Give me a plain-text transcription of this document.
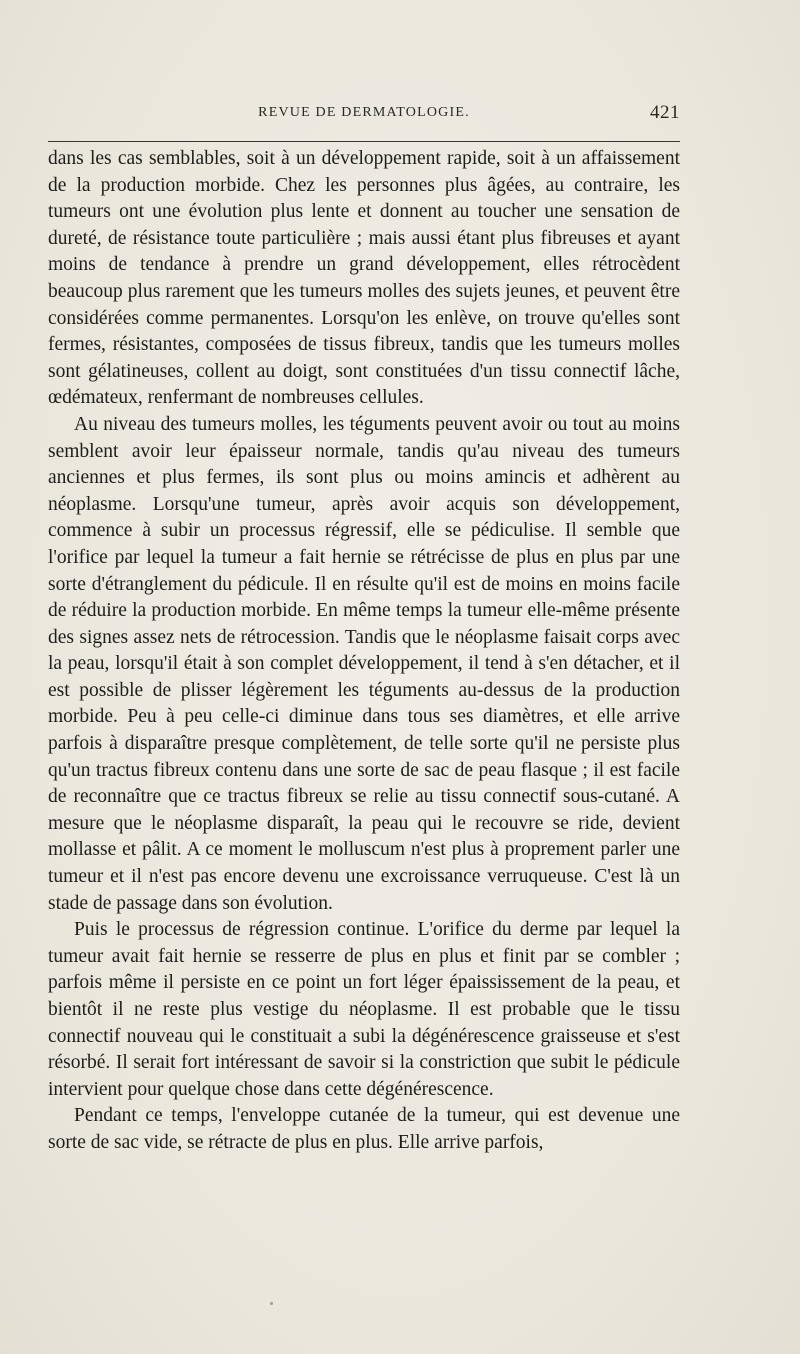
REVUE DE DERMATOLOGIE.	421

dans les cas semblables, soit à un développement rapide, soit à un affaissement de la production morbide. Chez les personnes plus âgées, au contraire, les tumeurs ont une évolution plus lente et donnent au toucher une sensation de dureté, de résistance toute particulière ; mais aussi étant plus fibreuses et ayant moins de tendance à prendre un grand développement, elles rétrocèdent beaucoup plus rarement que les tumeurs molles des sujets jeunes, et peuvent être considérées comme permanentes. Lorsqu'on les enlève, on trouve qu'elles sont fermes, résistantes, composées de tissus fibreux, tandis que les tumeurs molles sont gélatineuses, collent au doigt, sont constituées d'un tissu connectif lâche, œdémateux, renfermant de nombreuses cellules.

Au niveau des tumeurs molles, les téguments peuvent avoir ou tout au moins semblent avoir leur épaisseur normale, tandis qu'au niveau des tumeurs anciennes et plus fermes, ils sont plus ou moins amincis et adhèrent au néoplasme. Lorsqu'une tumeur, après avoir acquis son développement, commence à subir un processus régressif, elle se pédiculise. Il semble que l'orifice par lequel la tumeur a fait hernie se rétrécisse de plus en plus par une sorte d'étranglement du pédicule. Il en résulte qu'il est de moins en moins facile de réduire la production morbide. En même temps la tumeur elle-même présente des signes assez nets de rétrocession. Tandis que le néoplasme faisait corps avec la peau, lorsqu'il était à son complet développement, il tend à s'en détacher, et il est possible de plisser légèrement les téguments au-dessus de la production morbide. Peu à peu celle-ci diminue dans tous ses diamètres, et elle arrive parfois à disparaître presque complètement, de telle sorte qu'il ne persiste plus qu'un tractus fibreux contenu dans une sorte de sac de peau flasque ; il est facile de reconnaître que ce tractus fibreux se relie au tissu connectif sous-cutané. A mesure que le néoplasme disparaît, la peau qui le recouvre se ride, devient mollasse et pâlit. A ce moment le molluscum n'est plus à proprement parler une tumeur et il n'est pas encore devenu une excroissance verruqueuse. C'est là un stade de passage dans son évolution.

Puis le processus de régression continue. L'orifice du derme par lequel la tumeur avait fait hernie se resserre de plus en plus et finit par se combler ; parfois même il persiste en ce point un fort léger épaississement de la peau, et bientôt il ne reste plus vestige du néoplasme. Il est probable que le tissu connectif nouveau qui le constituait a subi la dégénérescence graisseuse et s'est résorbé. Il serait fort intéressant de savoir si la constriction que subit le pédicule intervient pour quelque chose dans cette dégénérescence.

Pendant ce temps, l'enveloppe cutanée de la tumeur, qui est devenue une sorte de sac vide, se rétracte de plus en plus. Elle arrive parfois,
